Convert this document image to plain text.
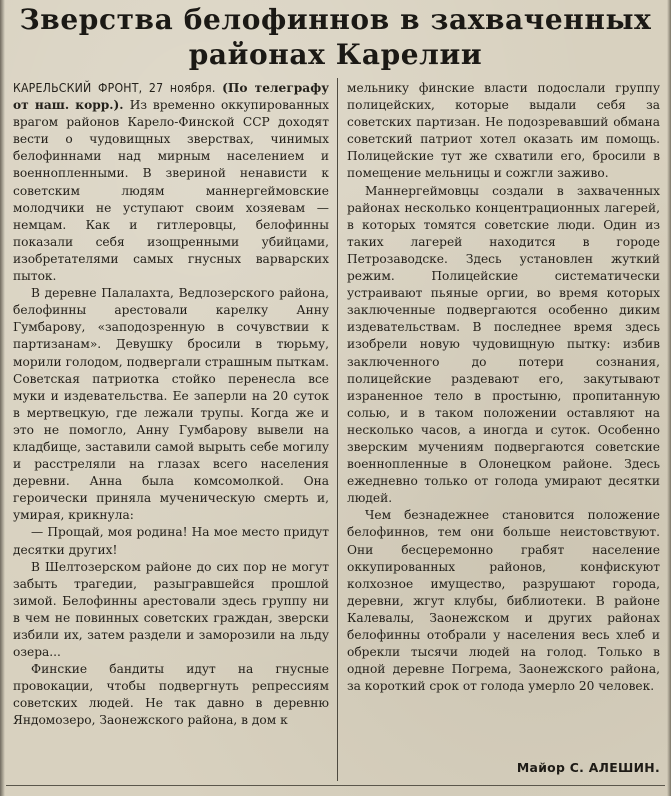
Зверства белофиннов в захваченных
районах Карелии

КАРЕЛЬСКИЙ ФРОНТ, 27 ноября. (По телеграфу от наш. корр.). Из временно оккупированных врагом районов Карело-Финской ССР доходят вести о чудовищных зверствах, чинимых белофиннами над мирным населением и военнопленными. В звериной ненависти к советским людям маннергеймовские молодчики не уступают своим хозяевам — немцам. Как и гитлеровцы, белофинны показали себя изощренными убийцами, изобретателями самых гнусных варварских пыток.

В деревне Палалахта, Ведлозерского района, белофинны арестовали карелку Анну Гумбарову, «заподозренную в сочувствии к партизанам». Девушку бросили в тюрьму, морили голодом, подвергали страшным пыткам. Советская патриотка стойко перенесла все муки и издевательства. Ее заперли на 20 суток в мертвецкую, где лежали трупы. Когда же и это не помогло, Анну Гумбарову вывели на кладбище, заставили самой вырыть себе могилу и расстреляли на глазах всего населения деревни. Анна была комсомолкой. Она героически приняла мученическую смерть и, умирая, крикнула:

— Прощай, моя родина! На мое место придут десятки других!

В Шелтозерском районе до сих пор не могут забыть трагедии, разыгравшейся прошлой зимой. Белофинны арестовали здесь группу ни в чем не повинных советских граждан, зверски избили их, затем раздели и заморозили на льду озера...

Финские бандиты идут на гнусные провокации, чтобы подвергнуть репрессиям советских людей. Не так давно в деревню Яндомозеро, Заонежского района, в дом к

мельнику финские власти подослали группу полицейских, которые выдали себя за советских партизан. Не подозревавший обмана советский патриот хотел оказать им помощь. Полицейские тут же схватили его, бросили в помещение мельницы и сожгли заживо.

Маннергеймовцы создали в захваченных районах несколько концентрационных лагерей, в которых томятся советские люди. Один из таких лагерей находится в городе Петрозаводске. Здесь установлен жуткий режим. Полицейские систематически устраивают пьяные оргии, во время которых заключенные подвергаются особенно диким издевательствам. В последнее время здесь изобрели новую чудовищную пытку: избив заключенного до потери сознания, полицейские раздевают его, закутывают израненное тело в простыню, пропитанную солью, и в таком положении оставляют на несколько часов, а иногда и суток. Особенно зверским мучениям подвергаются советские военнопленные в Олонецком районе. Здесь ежедневно только от голода умирают десятки людей.

Чем безнадежнее становится положение белофиннов, тем они больше неистовствуют. Они бесцеремонно грабят население оккупированных районов, конфискуют колхозное имущество, разрушают города, деревни, жгут клубы, библиотеки. В районе Калевалы, Заонежском и других районах белофинны отобрали у населения весь хлеб и обрекли тысячи людей на голод. Только в одной деревне Погрема, Заонежского района, за короткий срок от голода умерло 20 человек.

Майор С. АЛЕШИН.
